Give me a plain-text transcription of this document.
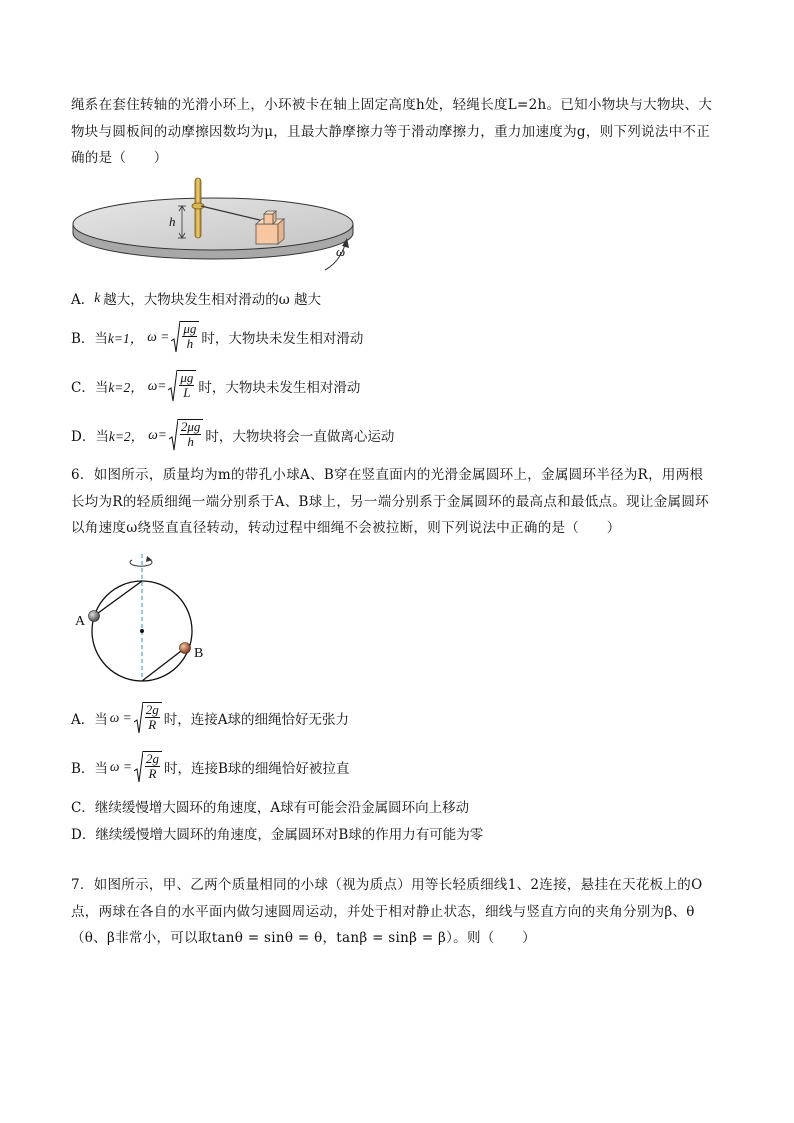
绳系在套住转轴的光滑小环上，小环被卡在轴上固定高度h处，轻绳长度L=2h。已知小物块与大物块、大
物块与圆板间的动摩擦因数均为μ，且最大静摩擦力等于滑动摩擦力，重力加速度为g，则下列说法中不正
确的是（　　）
h
ω
A． k 越大，大物块发生相对滑动的ω 越大
B．当 k=1， $\omega = \frac{\mu g}{h}$ 时，大物块未发生相对滑动
C．当 k=2， $\omega= \frac{\mu g}{L}$ 时，大物块未发生相对滑动
D．当 k=2， $\omega= \frac{2\mu g}{h}$ 时，大物块将会一直做离心运动
6．如图所示，质量均为m的带孔小球A、B穿在竖直面内的光滑金属圆环上，金属圆环半径为R，用两根
长均为R的轻质细绳一端分别系于A、B球上，另一端分别系于金属圆环的最高点和最低点。现让金属圆环
以角速度ω绕竖直直径转动，转动过程中细绳不会被拉断，则下列说法中正确的是（　　）
A
B
A．当 $\omega = \frac{2g}{R}$ 时，连接A球的细绳恰好无张力
B．当 $\omega = \frac{2g}{R}$ 时，连接B球的细绳恰好被拉直
C．继续缓慢增大圆环的角速度，A球有可能会沿金属圆环向上移动
D．继续缓慢增大圆环的角速度，金属圆环对B球的作用力有可能为零
7．如图所示，甲、乙两个质量相同的小球（视为质点）用等长轻质细线1、2连接，悬挂在天花板上的O
点，两球在各自的水平面内做匀速圆周运动，并处于相对静止状态，细线与竖直方向的夹角分别为β、θ
（θ、β非常小，可以取tanθ = sinθ = θ，tanβ = sinβ = β）。则（　　）
